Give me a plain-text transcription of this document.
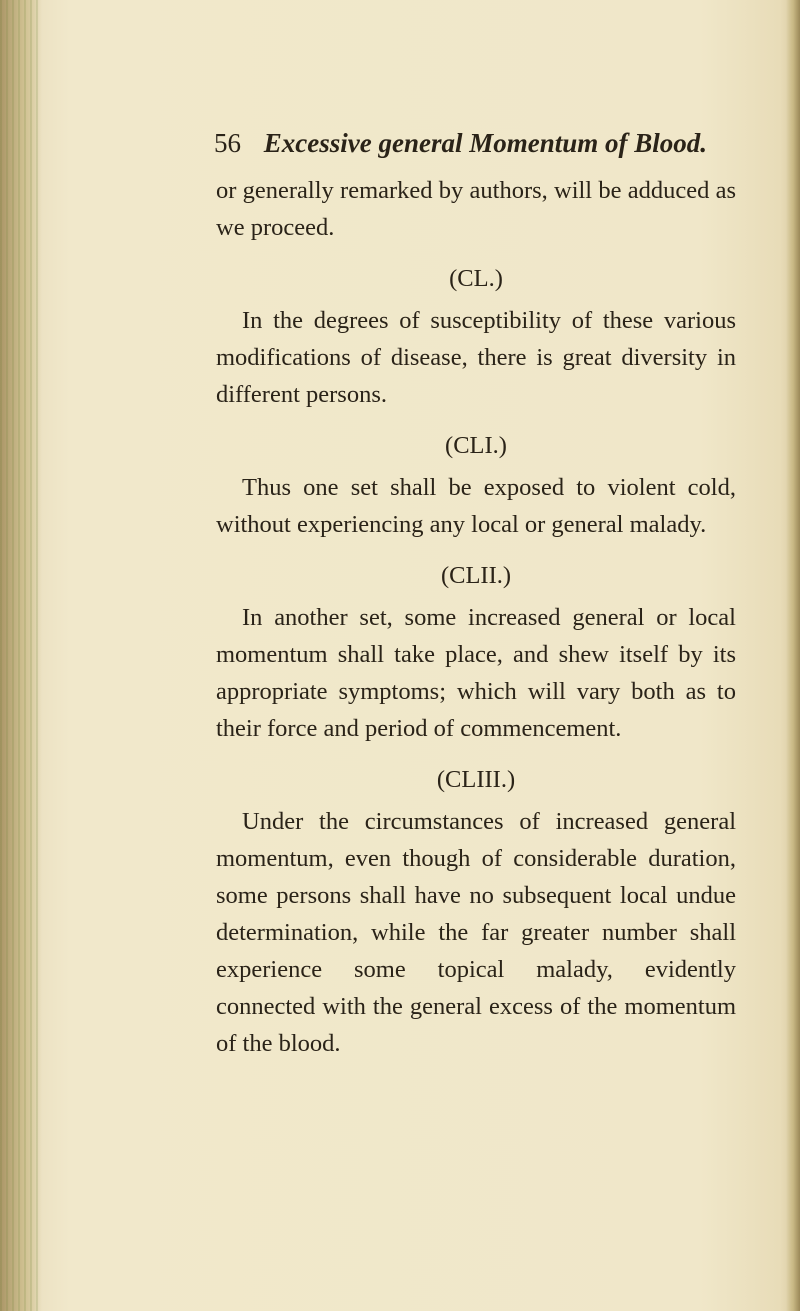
56 Excessive general Momentum of Blood.

or generally remarked by authors, will be adduced as we proceed.

(CL.)

In the degrees of susceptibility of these various modifications of disease, there is great diversity in different persons.

(CLI.)

Thus one set shall be exposed to violent cold, without experiencing any local or general malady.

(CLII.)

In another set, some increased general or local momentum shall take place, and shew itself by its appropriate symptoms; which will vary both as to their force and period of commencement.

(CLIII.)

Under the circumstances of increased general momentum, even though of considerable duration, some persons shall have no subsequent local undue determination, while the far greater number shall experience some topical malady, evidently connected with the general excess of the momentum of the blood.
